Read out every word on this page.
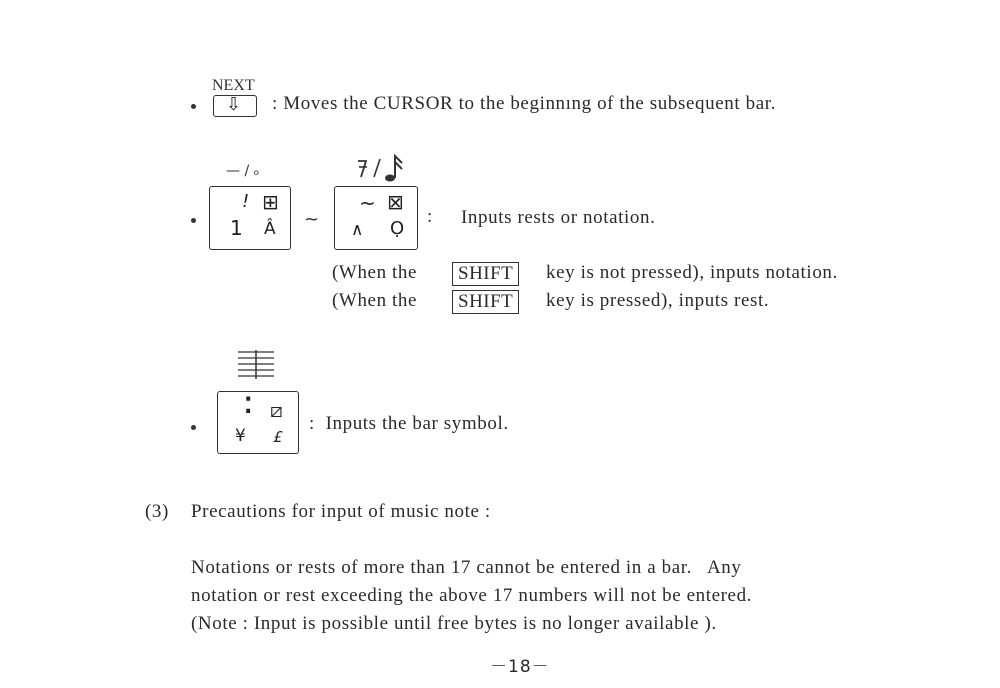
NEXT
⇩ : Moves the CURSOR to the beginnıng of the subsequent bar.
— / ₒ
! ⊞
1 Â ~
~ ⊠
∧ Ọ
: Inputs rests or notation.
(When the	SHIFT	key is not pressed), inputs notation.
(When the	SHIFT	key is pressed), inputs rest.
⁚ ⧄
¥ £
:  Inputs the bar symbol.
(3) Precautions for input of music note :
Notations or rests of more than 17 cannot be entered in a bar.   Any
notation or rest exceeding the above 17 numbers will not be entered.
(Note : Input is possible until free bytes is no longer available ).
－18－
